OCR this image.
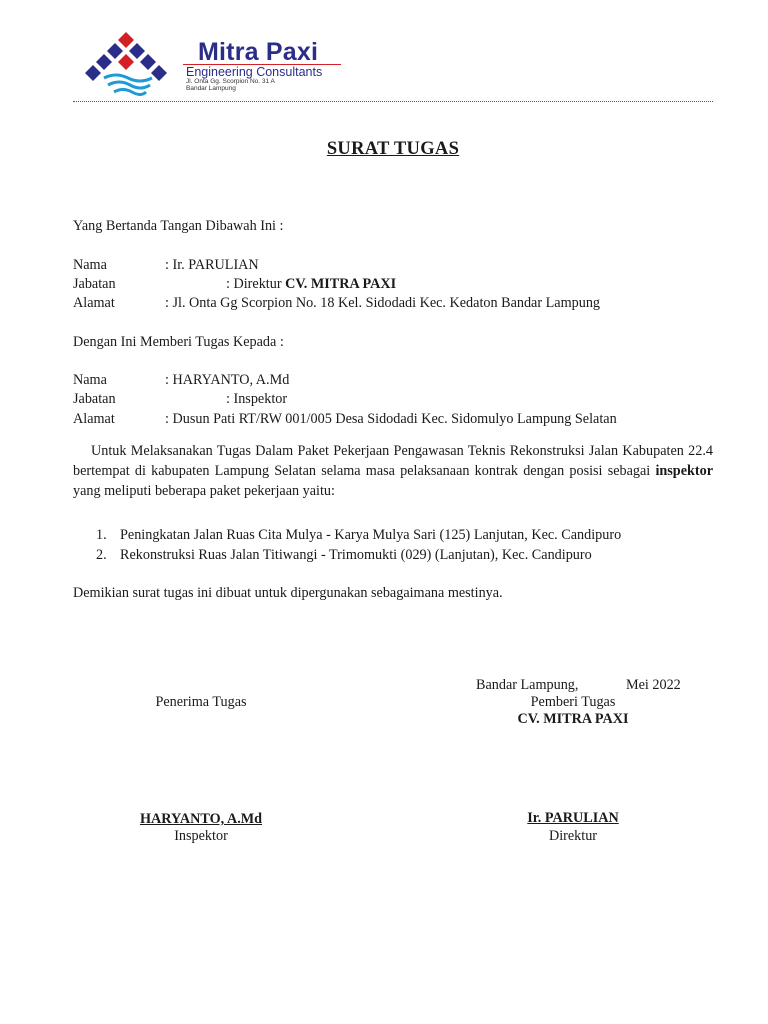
Mitra Paxi
Engineering Consultants
Jl. Onta Gg. Scorpion No. 31 A
Bandar Lampung
SURAT TUGAS
Yang Bertanda Tangan Dibawah Ini :
Nama	: Ir. PARULIAN
Jabatan	: Direktur CV. MITRA PAXI
Alamat	: Jl. Onta Gg Scorpion No. 18 Kel. Sidodadi Kec. Kedaton Bandar Lampung
Dengan Ini Memberi Tugas Kepada :
Nama	: HARYANTO, A.Md
Jabatan	: Inspektor
Alamat	: Dusun Pati RT/RW 001/005 Desa Sidodadi Kec. Sidomulyo Lampung Selatan
Untuk Melaksanakan Tugas Dalam Paket Pekerjaan Pengawasan Teknis Rekonstruksi Jalan Kabupaten 22.4 bertempat di kabupaten Lampung Selatan selama masa pelaksanaan kontrak dengan posisi sebagai inspektor yang meliputi beberapa paket pekerjaan yaitu:
1. Peningkatan Jalan Ruas Cita Mulya - Karya Mulya Sari (125) Lanjutan, Kec. Candipuro
2. Rekonstruksi Ruas Jalan Titiwangi - Trimomukti (029) (Lanjutan), Kec. Candipuro
Demikian surat tugas ini dibuat untuk dipergunakan sebagaimana mestinya.
Bandar Lampung,	Mei 2022
Penerima Tugas
HARYANTO, A.Md
Inspektor
Pemberi Tugas
CV. MITRA PAXI
Ir. PARULIAN
Direktur
